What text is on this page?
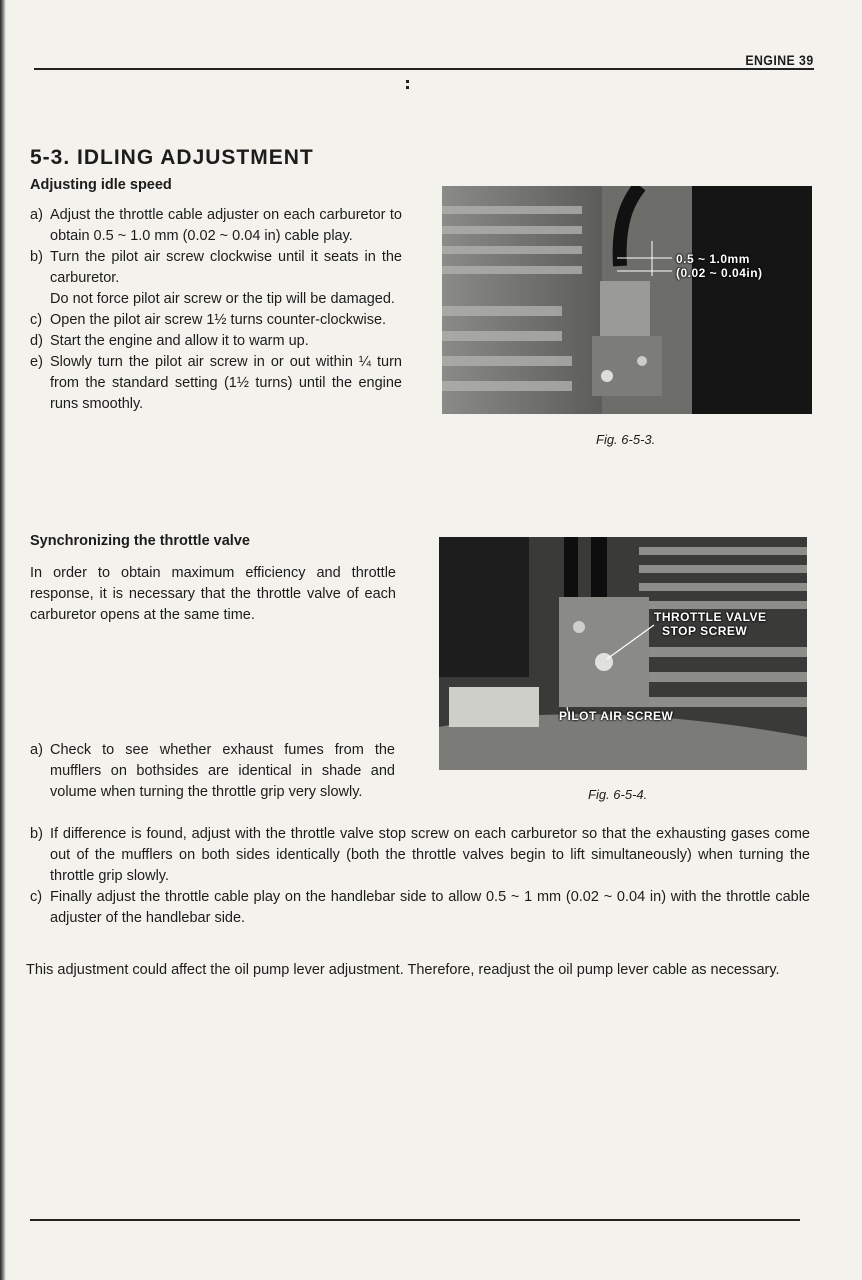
ENGINE 39
5-3. IDLING ADJUSTMENT
Adjusting idle speed
a) Adjust the throttle cable adjuster on each carburetor to obtain 0.5 ~ 1.0 mm (0.02 ~ 0.04 in) cable play.
b) Turn the pilot air screw clockwise until it seats in the carburetor.
Do not force pilot air screw or the tip will be damaged.
c) Open the pilot air screw 1½ turns counter-clockwise.
d) Start the engine and allow it to warm up.
e) Slowly turn the pilot air screw in or out within ¼ turn from the standard setting (1½ turns) until the engine runs smoothly.
0.5 ~ 1.0mm
(0.02 ~ 0.04in)
Fig. 6-5-3.
Synchronizing the throttle valve
In order to obtain maximum efficiency and throttle response, it is necessary that the throttle valve of each carburetor opens at the same time.	THROTTLE VALVE
STOP SCREW
PILOT AIR SCREW
Fig. 6-5-4.
a) Check to see whether exhaust fumes from the mufflers on bothsides are identical in shade and volume when turning the throttle grip very slowly.
b) If difference is found, adjust with the throttle valve stop screw on each carburetor so that the exhausting gases come out of the mufflers on both sides identically (both the throttle valves begin to lift simultaneously) when turning the throttle grip slowly.
c) Finally adjust the throttle cable play on the handlebar side to allow 0.5 ~ 1 mm (0.02 ~ 0.04 in) with the throttle cable adjuster of the handlebar side.
This adjustment could affect the oil pump lever adjustment. Therefore, readjust the oil pump lever cable as necessary.
